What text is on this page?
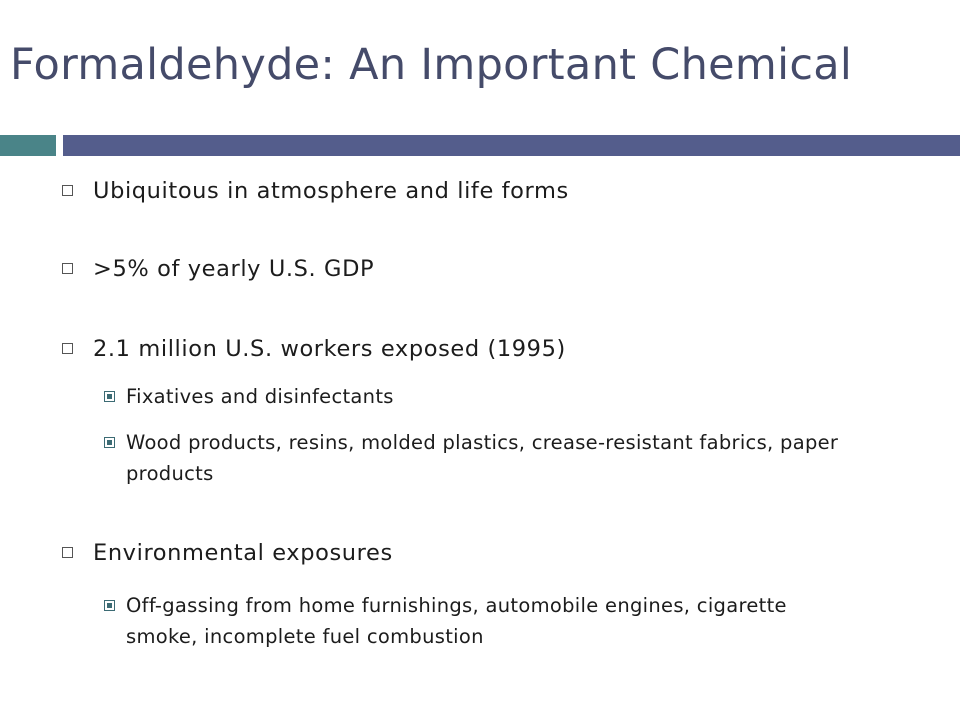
Formaldehyde: An Important Chemical
Ubiquitous in atmosphere and life forms
>5% of yearly U.S. GDP
2.1 million U.S. workers exposed (1995)
Fixatives and disinfectants
Wood products, resins, molded plastics, crease-resistant fabrics, paper products
Environmental exposures
Off-gassing from home furnishings, automobile engines, cigarette smoke, incomplete fuel combustion
